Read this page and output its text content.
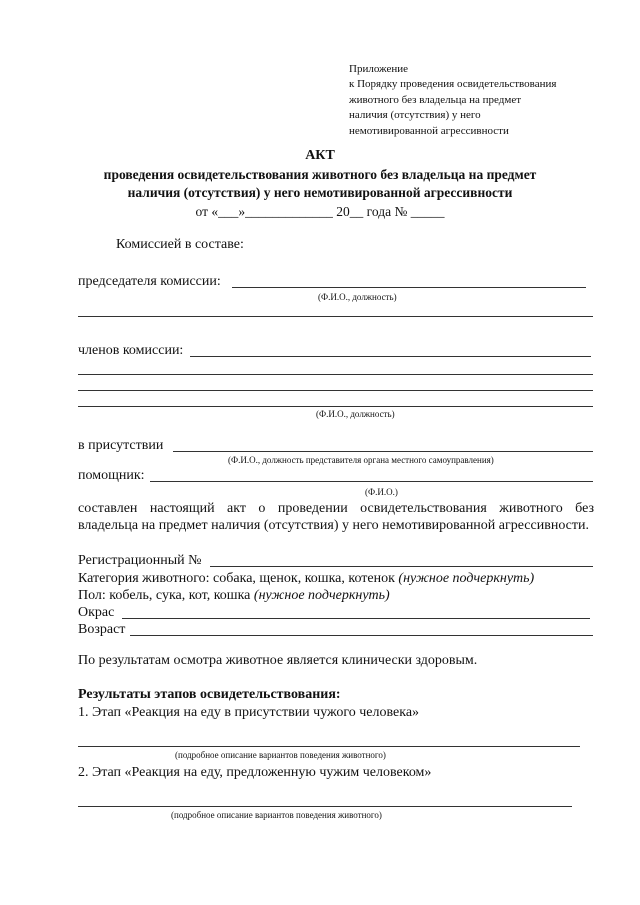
Приложение
к Порядку проведения освидетельствования
животного без владельца на предмет
наличия (отсутствия) у него
немотивированной агрессивности
АКТ
проведения освидетельствования животного без владельца на предмет
наличия (отсутствия) у него немотивированной агрессивности
от «___»_____________ 20__ года № _____
Комиссией в составе:
председателя комиссии:
(Ф.И.О., должность)
членов комиссии:
(Ф.И.О., должность)
в присутствии
(Ф.И.О., должность представителя органа местного самоуправления)
помощник:
(Ф.И.О.)
составлен настоящий акт о проведении освидетельствования животного без владельца на предмет наличия (отсутствия) у него немотивированной агрессивности.
Регистрационный №
Категория животного: собака, щенок, кошка, котенок (нужное подчеркнуть)
Пол: кобель, сука, кот, кошка (нужное подчеркнуть)
Окрас
Возраст
По результатам осмотра животное является клинически здоровым.
Результаты этапов освидетельствования:
1. Этап «Реакция на еду в присутствии чужого человека»
(подробное описание вариантов поведения животного)
2. Этап «Реакция на еду, предложенную чужим человеком»
(подробное описание вариантов поведения животного)
